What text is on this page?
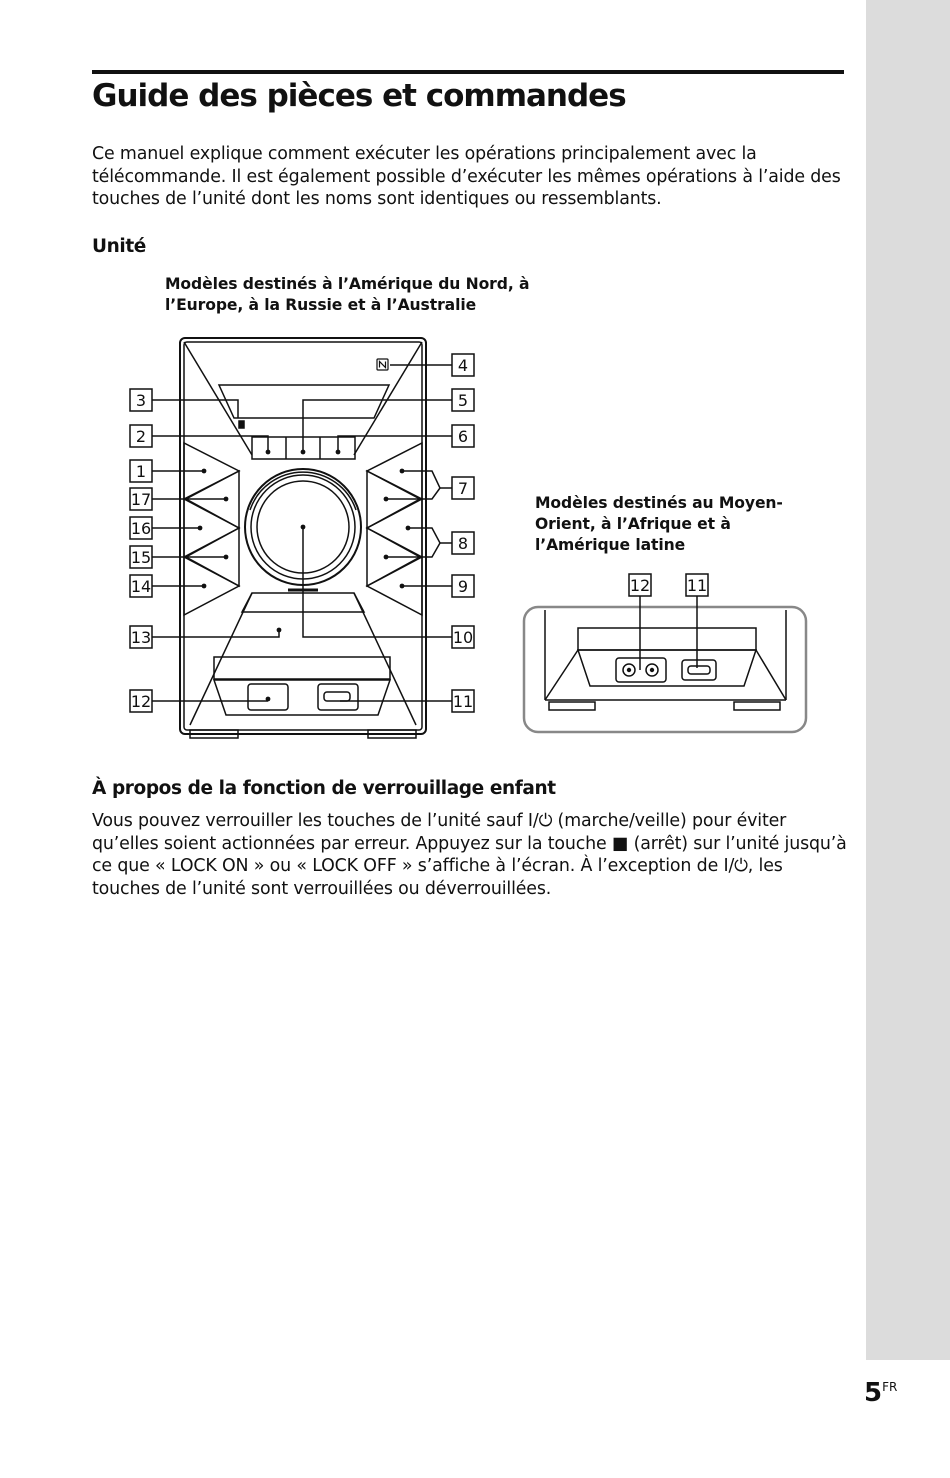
Guide des pièces et commandes
Ce manuel explique comment exécuter les opérations principalement avec la télécommande. Il est également possible d’exécuter les mêmes opérations à l’aide des touches de l’unité dont les noms sont identiques ou ressemblants.
Unité
Modèles destinés à l’Amérique du Nord, à l’Europe, à la Russie et à l’Australie
Modèles destinés au Moyen-Orient, à l’Afrique et à l’Amérique latine
3
2
1
17
16
15
14
13
12
4
5
6
7
8
9
10
11
12 11
À propos de la fonction de verrouillage enfant
Vous pouvez verrouiller les touches de l’unité sauf I/⏻ (marche/veille) pour éviter qu’elles soient actionnées par erreur. Appuyez sur la touche ■ (arrêt) sur l’unité jusqu’à ce que « LOCK ON » ou « LOCK OFF » s’affiche à l’écran. À l’exception de I/⏻, les touches de l’unité sont verrouillées ou déverrouillées.
$5^{FR}$
